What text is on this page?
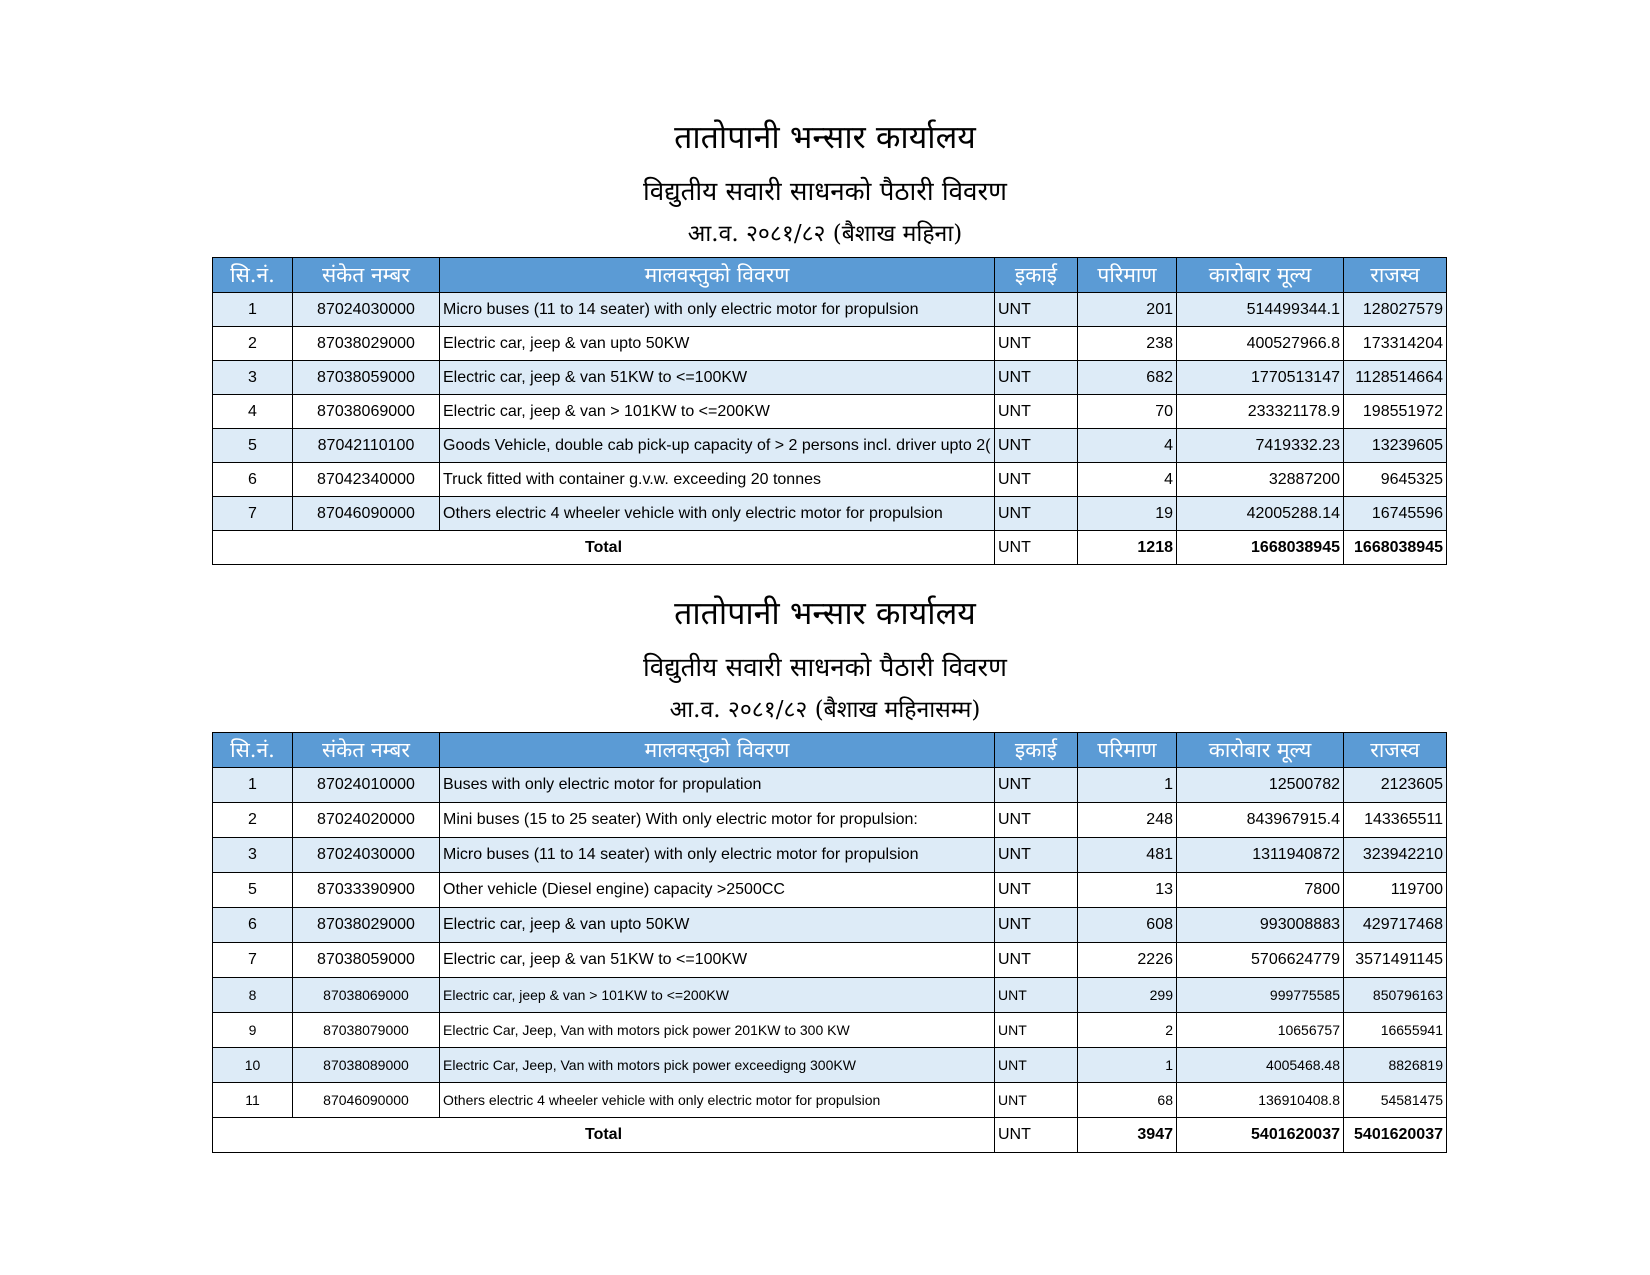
तातोपानी भन्सार कार्यालय
विद्युतीय सवारी साधनको पैठारी विवरण
आ.व. २०८१/८२ (बैशाख महिना)
सि.नं.	संकेत नम्बर	मालवस्तुको विवरण	इकाई	परिमाण	कारोबार मूल्य	राजस्व
1	87024030000	Micro buses (11 to 14 seater) with only electric motor for propulsion	UNT	201	514499344.1	128027579
2	87038029000	Electric car, jeep & van upto 50KW	UNT	238	400527966.8	173314204
3	87038059000	Electric car, jeep & van 51KW to <=100KW	UNT	682	1770513147	1128514664
4	87038069000	Electric car, jeep & van > 101KW to <=200KW	UNT	70	233321178.9	198551972
5	87042110100	Goods Vehicle, double cab pick-up capacity of > 2 persons incl. driver upto 2(	UNT	4	7419332.23	13239605
6	87042340000	Truck fitted with container g.v.w. exceeding 20 tonnes	UNT	4	32887200	9645325
7	87046090000	Others electric 4 wheeler vehicle with only electric motor for propulsion	UNT	19	42005288.14	16745596
Total			UNT	1218	1668038945	1668038945
तातोपानी भन्सार कार्यालय
विद्युतीय सवारी साधनको पैठारी विवरण
आ.व. २०८१/८२ (बैशाख महिनासम्म)
सि.नं.	संकेत नम्बर	मालवस्तुको विवरण	इकाई	परिमाण	कारोबार मूल्य	राजस्व
1	87024010000	Buses with only electric motor for propulation	UNT	1	12500782	2123605
2	87024020000	Mini buses (15 to 25 seater) With only electric motor for propulsion:	UNT	248	843967915.4	143365511
3	87024030000	Micro buses (11 to 14 seater) with only electric motor for propulsion	UNT	481	1311940872	323942210
5	87033390900	Other vehicle (Diesel engine) capacity >2500CC	UNT	13	7800	119700
6	87038029000	Electric car, jeep & van upto 50KW	UNT	608	993008883	429717468
7	87038059000	Electric car, jeep & van 51KW to <=100KW	UNT	2226	5706624779	3571491145
8	87038069000	Electric car, jeep & van > 101KW to <=200KW	UNT	299	999775585	850796163
9	87038079000	Electric Car, Jeep, Van with motors pick power 201KW to 300 KW	UNT	2	10656757	16655941
10	87038089000	Electric Car, Jeep, Van with motors pick power exceedigng 300KW	UNT	1	4005468.48	8826819
11	87046090000	Others electric 4 wheeler vehicle with only electric motor for propulsion	UNT	68	136910408.8	54581475
Total			UNT	3947	5401620037	5401620037
